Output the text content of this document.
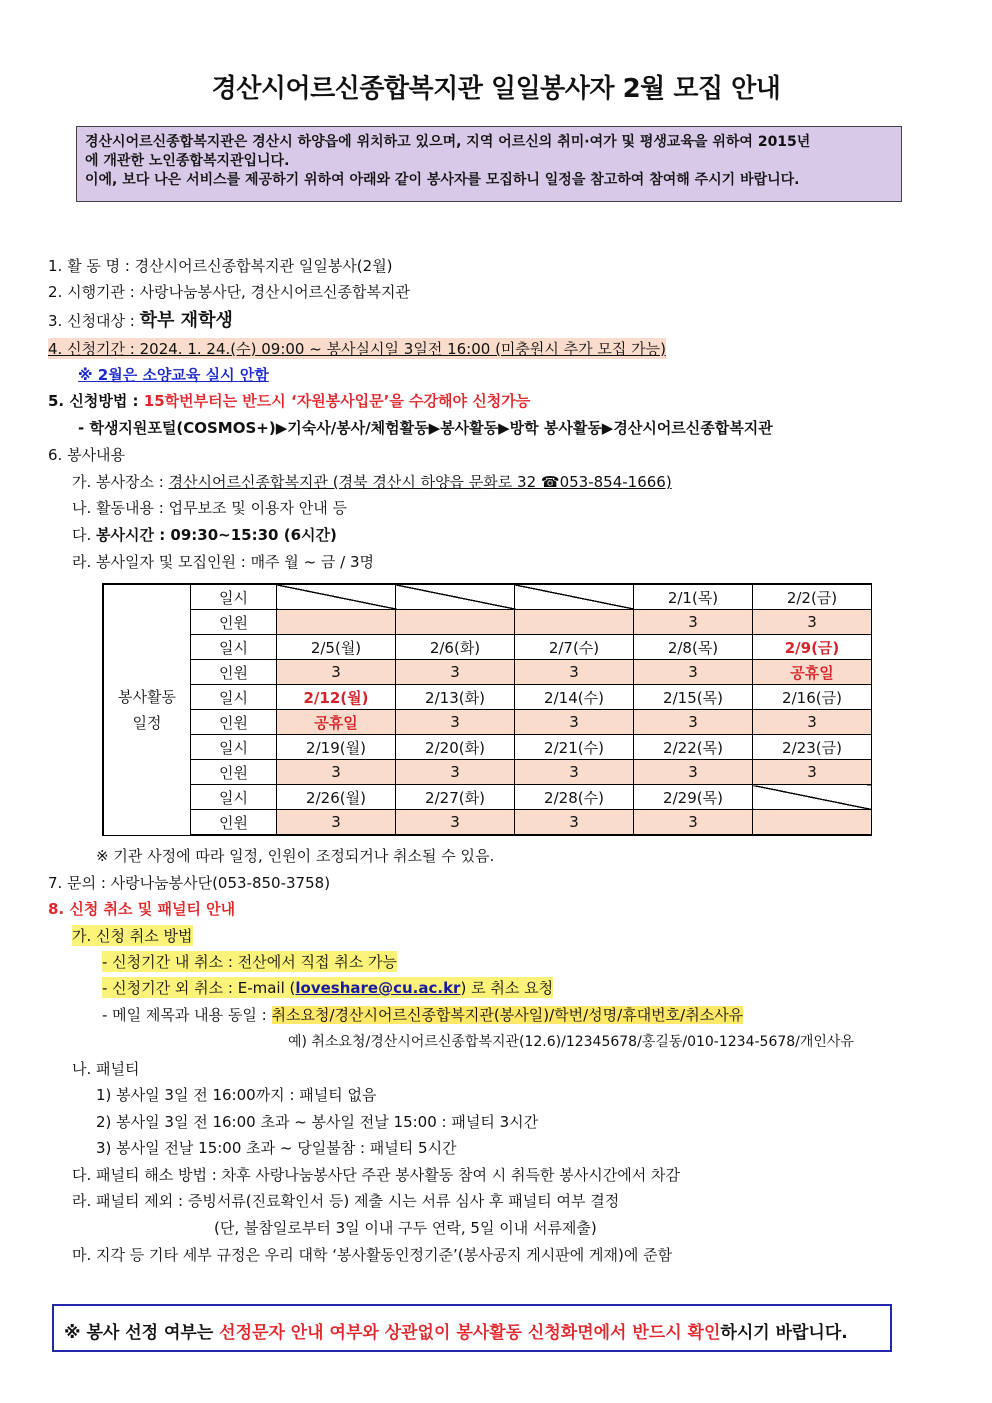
경산시어르신종합복지관 일일봉사자 2월 모집 안내
경산시어르신종합복지관은 경산시 하양읍에 위치하고 있으며, 지역 어르신의 취미·여가 및 평생교육을 위하여 2015년
에 개관한 노인종합복지관입니다.
이에, 보다 나은 서비스를 제공하기 위하여 아래와 같이 봉사자를 모집하니 일정을 참고하여 참여해 주시기 바랍니다.
1. 활 동 명 : 경산시어르신종합복지관 일일봉사(2월)
2. 시행기관 : 사랑나눔봉사단, 경산시어르신종합복지관
3. 신청대상 : 학부 재학생
4. 신청기간 : 2024. 1. 24.(수) 09:00 ~ 봉사실시일 3일전 16:00 (미충원시 추가 모집 가능)
※ 2월은 소양교육 실시 안함
5. 신청방법 : 15학번부터는 반드시 ‘자원봉사입문’을 수강해야 신청가능
- 학생지원포털(COSMOS+)▶기숙사/봉사/체험활동▶봉사활동▶방학 봉사활동▶경산시어르신종합복지관
6. 봉사내용
가. 봉사장소 : 경산시어르신종합복지관 (경북 경산시 하양읍 문화로 32 ☎053-854-1666)
나. 활동내용 : 업무보조 및 이용자 안내 등
다. 봉사시간 : 09:30~15:30 (6시간)
라. 봉사일자 및 모집인원 : 매주 월 ~ 금 / 3명
봉사활동
일정	일시				2/1(목)	2/2(금)
	인원				3	3
	일시	2/5(월)	2/6(화)	2/7(수)	2/8(목)	2/9(금)
	인원	3	3	3	3	공휴일
	일시	2/12(월)	2/13(화)	2/14(수)	2/15(목)	2/16(금)
	인원	공휴일	3	3	3	3
	일시	2/19(월)	2/20(화)	2/21(수)	2/22(목)	2/23(금)
	인원	3	3	3	3	3
	일시	2/26(월)	2/27(화)	2/28(수)	2/29(목)	
	인원	3	3	3	3	
※ 기관 사정에 따라 일정, 인원이 조정되거나 취소될 수 있음.
7. 문의 : 사랑나눔봉사단(053-850-3758)
8. 신청 취소 및 패널티 안내
가. 신청 취소 방법
- 신청기간 내 취소 : 전산에서 직접 취소 가능
- 신청기간 외 취소 : E-mail (loveshare@cu.ac.kr) 로 취소 요청
- 메일 제목과 내용 동일 : 취소요청/경산시어르신종합복지관(봉사일)/학번/성명/휴대번호/취소사유
예) 취소요청/경산시어르신종합복지관(12.6)/12345678/홍길동/010-1234-5678/개인사유
나. 패널티
1) 봉사일 3일 전 16:00까지 : 패널티 없음
2) 봉사일 3일 전 16:00 초과 ~ 봉사일 전날 15:00 : 패널티 3시간
3) 봉사일 전날 15:00 초과 ~ 당일불참 : 패널티 5시간
다. 패널티 해소 방법 : 차후 사랑나눔봉사단 주관 봉사활동 참여 시 취득한 봉사시간에서 차감
라. 패널티 제외 : 증빙서류(진료확인서 등) 제출 시는 서류 심사 후 패널티 여부 결정
(단, 불참일로부터 3일 이내 구두 연락, 5일 이내 서류제출)
마. 지각 등 기타 세부 규정은 우리 대학 ‘봉사활동인정기준’(봉사공지 게시판에 게재)에 준함
※ 봉사 선정 여부는 선정문자 안내 여부와 상관없이 봉사활동 신청화면에서 반드시 확인하시기 바랍니다.
